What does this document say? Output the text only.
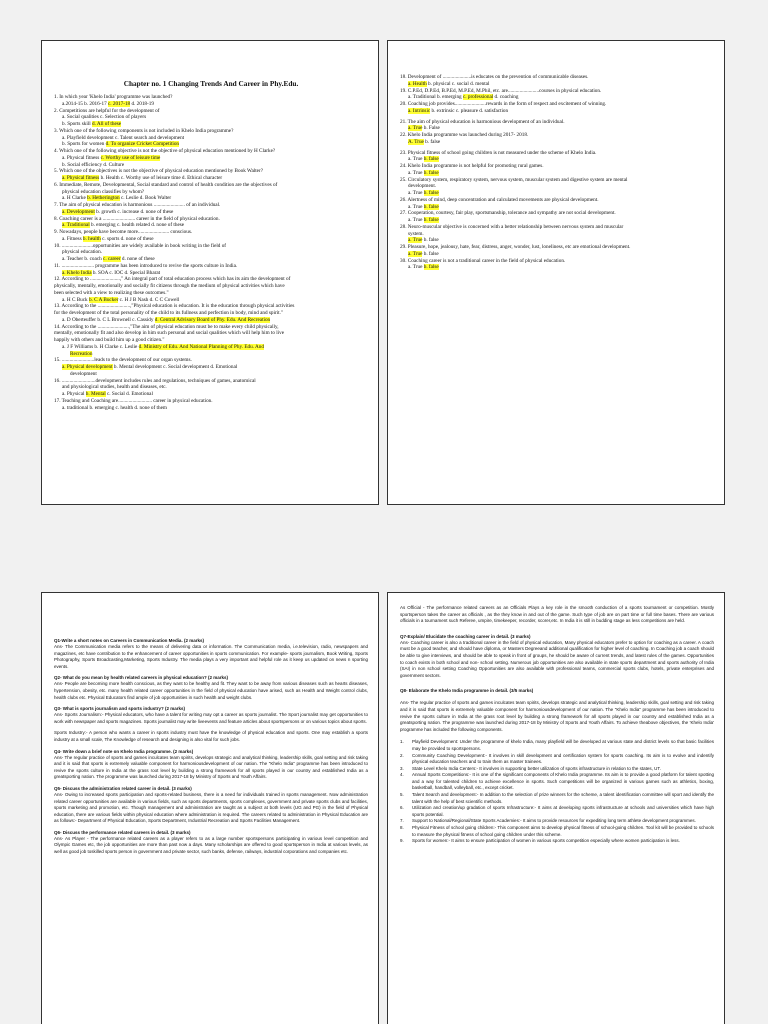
Chapter no. 1 Changing Trends And Career in Phy.Edu.
1. In which year 'Khelo India' programme was launched?
a.2014-15 b. 2016-17 c. 2017-18 d. 2018-19
2. Competitions are helpful for the development of
a. Social qualities c. Selection of players
b. Sports skill d. All of these
3. Which one of the following components is not included in Khelo India programme?
a. Playfield development c. Talent search and development
b. Sports for women d. To organize Cricket Competition
4. Which one of the following objective is not the objective of physical education mentioned by H Clarke?
a. Physical fitness c. Worthy use of leisure time
b. Social efficiency d. Culture
5. Which one of the objectives is not the objective of physical education mentioned by Book Walter?
a. Physical fitness b. Health c. Worthy use of leisure time d. Ethical character
6. Immediate, Remote, Developmental, Social standard and control of health condition are the objectives of
physical education classifies by whom?
a. H Clarke b. Hetherington c. Leslie d. Book Walter
7. The aim of physical education is harmonious ........................ of an individual.
a. Development b. growth c. increase d. none of these
8. Coaching career is a ......................... career in the field of physical education.
a. Traditional b. emerging c. health related d. none of these
9. Nowadays, people have become more........................ conscious.
a. Fitness b. health c. sports d. none of these
10. ........................opportunities are widely available in book writing in the field of
physical education.
a. Teacher b. coach c. career d. none of these
11. ......................... programme has been introduced to revive the sports culture in India.
a. Khelo India b. SOA c. IOC d. Special Bharat
12. According to .......................," An integral part of total education process which has its aim the development of
physically, mentally, emotionally and socially fit citizens through the medium of physical activities which have
been selected with a view to realizing these outcomes."
a. H C Buck b. C A Bucker c. H J B Nash d. C C Cowell
13. According to the .........................,"Physical education is education. It is the education through physical activities
for the development of the total personality of the child to its fullness and perfection in body, mind and spirit."
a. D Oberteuffer b. C L Brownell c. Cassidy d. Central Advisory Board of Phy. Edu. And Recreation
14. According to the ........................,"The aim of physical education must be to make every child physically,
mentally, emotionally fit and also develop in him such personal and social qualities which will help him to live
happily with others and build him up a good citizen."
a. J F Williams b. H Clarke c. Leslie d. Ministry of Edu. And National Planning of Phy. Edu. And
Recreation
15. .........................leads to the development of our organ systems.
a. Physical development b. Mental development c. Social development d. Emotional
development
16. ..........................development includes rules and regulations, techniques of games, anatomical
and physiological studies, health and diseases, etc.
a. Physical b. Mental c. Social d. Emotional
17. Teaching and Coaching are.......................... career in physical education.
a. traditional b. emerging c. health d. none of them
18. Development of ......................is educates on the prevention of communicable diseases.
a. Health b. physical c. social d. mental
19. C.P.Ed, D.P.Ed, B.P.Ed, M.P.Ed, M.Phil, etc. are........................courses in physical education.
a. Traditional b. emerging c. professional d. coaching
20. Coaching job provides........................rewards in the form of respect and excitement of winning.
a. Intrinsic b. extrinsic c. pleasure d. satisfaction
21. The aim of physical education is harmonious development of an individual.
a. True b. False
22. Khelo India programme was launched during 2017- 2018.
A. True b. false
23. Physical fitness of school going children is not measured under the scheme of Khelo India.
a. True b. false
24. Khelo India programme is not helpful for promoting rural games.
a. True b. false
25. Circulatory system, respiratory system, nervous system, muscular system and digestive system are mental
development.
a. True b. false
26. Alertness of mind, deep concentration and calculated movements are physical development.
a. True b. false
27. Cooperation, courtesy, fair play, sportsmanship, tolerance and sympathy are not social development.
a. True b. false
28. Neuro-muscular objective is concerned with a better relationship between nervous system and muscular
system.
a. True b. false
29. Pleasure, hope, jealousy, hate, fear, distress, anger, wonder, lust, loneliness, etc are emotional development.
a. True b. false
30. Coaching career is not a traditional career in the field of physical education.
a. True b. false
Q1-Write a short notes on Careers in Communication Media. (2 marks)
Ans- The Communication media refers to the means of delivering data or information. The Communication media, i.e.television, radio, newspapers and magazines, etc have contribution to the enhancement of career opportunities in sports communication. For example- sports journalism, Book Writing, Sports Photography, Sports Broadcasting,Marketing, Sports Industry. The media plays a very important and helpful role as it keep us updated on news n sporting events.
Q2- What do you mean by health related careers in physical education? (2 marks)
Ans- People are becoming more health conscious, as they want to be healthy and fit. They want to be away from various diseases such as hearts diseases, hypertension, obesity, etc. many health related career opportunities in the field of physical education have arised, such as Health and Weight control clubs, health clubs etc. Physical Educators find ample of job opportunities in such health and weight clubs.
Q3- What is sports journalism and sports industry? (2 marks)
Ans- Sports Journalism:- Physical educators, who have a talent for writing may opt a career as sports journalist. The Sport journalist may get opportunities to work with newspaper and sports magazines. Sports journalist may write liveevents and feature articles about sportspersons or on various topics about sports.
Sports Industry:- A person who wants a career in sports industry must have the knowledge of physical education and sports. One may establish a sports industry at a small scale, The Knowledge of research and designing is also vital for such jobs.
Q4- Write down a brief note on Khelo India programme. (2 marks)
Ans- The regular practice of sports and games inculcates team spirits, develops strategic and analytical thinking, leadership skills, goal setting and risk taking and it is said that sports is extremely valuable component for harmoniousdevelopment of our nation. The "Khelo India" programme has been introduced to revive the sports culture in India at the grass root level by building a strong framework for all sports played in our country and established India as a greatsporting nation. The programme was launched during 2017-18 by Ministry of Sports and Youth Affairs.
Q5- Discuss the administration related career in detail. (3 marks)
Ans- Owing to increased sports participation and sports-related business, there is a need for individuals trained in sports management. Now administration related career opportunities are available in various fields, such as sports departments, sports complexes, government and private sports clubs and facilities, sports marketing and promotion, etc. Though management and administration are taught as a subject at both levels (UG and PG) in the field of Physical education, there are various fields within physical education where administration is required. The careers related to administration in Physical Education are as follows:- Department of Physical Education, Sports Department, Industrial Recreation and Sports Facilities Management.
Q6- Discuss the performance related careers in detail. (3 marks)
Ans- As Player - The performance related careers as a player refers to as a large number sportspersons participating in various level competition and Olympic Games etc, the job opportunities are more than past now a days. Many scholarships are offered to good sportsperson in India at various levels, as well as good job toskilled sports person in government and private sector, such banks, defense, railways, industrial corporations and companies etc.
As Official - The performance related careers as an Officials Plays a key role in the smooth conduction of a sports tournament or competition. Mostly sportsperson takes the career as officials , as the they know in and out of the game. Such type of job are on part time or full time bases. There are various officials in a tournament such Referee, umpire, timekeeper, recorder, scorer,etc. In India it is still in budding stage as less competitions are held.
Q7-Explain/ Elucidate the coaching career in detail. (3 marks)
Ans- Coaching career is also a traditional career in the field of physical education, Many physical educators prefer to option for coaching as a career. A coach must be a good teacher, and should have diploma, or Masters Degreeand additional qualification for higher level of coaching. In Coaching job a coach should be able to give interviews, and should be able to speak in front of groups, he should be aware of current trends, and latest rules of the games. Opportunities to coach exists in both school and non- school setting. Numerous job opportunities are also available in state sports department and sports authority of India (SAI) in non school setting Coaching Opportunities are also available with professional teams, commercial sports clubs, hotels, private enterprises and government sectors.
Q8- Elaborate the Khelo India programme in detail. (3/5 marks)
Ans- The regular practice of sports and games inculcates team spirits, develops strategic and analytical thinking, leadership skills, goal setting and risk taking and it is said that sports is extremely valuable component for harmoniousdevelopment of our nation. The "Khelo India" programme has been introduced to revive the sports culture in India at the grass root level by building a strong framework for all sports played in our country and established India as a greatsporting nation. The programme was launched during 2017-18 by Ministry of Sports and Youth Affairs. To achieve theabove objectives, the 'Khelo India' programme has included the following components.
1.	Playfield Development: Under the programme of khelo India, many playfield will be developed at various state and district levels so that basic facilities may be provided to sportspersons.
2.	Community Coaching Development:- It involves in skill development and certification system for sports coaching. Its aim is to evolve and indentify physical education teachers and to train them as master trainees.
3.	State Level Khelo India Centers:- It involves in supporting better utilization of sports infrastructure in relation to the states, UT.
4.	Annual Sports Competitions:- It is one of the significant components of Khelo India programme. Its aim is to provide a good platform for talent spotting and a way for talented children to achieve excellence in sports. Such competitions will be organized in various games such as athletics, boxing, basketball, handball, volleyball, etc., except cricket.
5.	Talent Search and development:- In addition to the selection of prize winners for the scheme, a talent identification committee will sport and identify the talent with the help of best scientific methods.
6.	Utilization and creation/up gradation of sports Infrastructure:- It aims at developing sports infrastructure at schools and universities which have high sports potential.
7.	Support to National/Regional/State Sports Academies:- It aims to provide resources for expediting long term athlete development programmes.
8.	Physical Fitness of school going children:- This component aims to develop physical fitness of school-going children. Tool kit will be provided to schools to measure the physical fitness of school going children under this scheme.
9.	Sports for women:- It aims to ensure participation of women in various sports competition especially where women participation is less.
